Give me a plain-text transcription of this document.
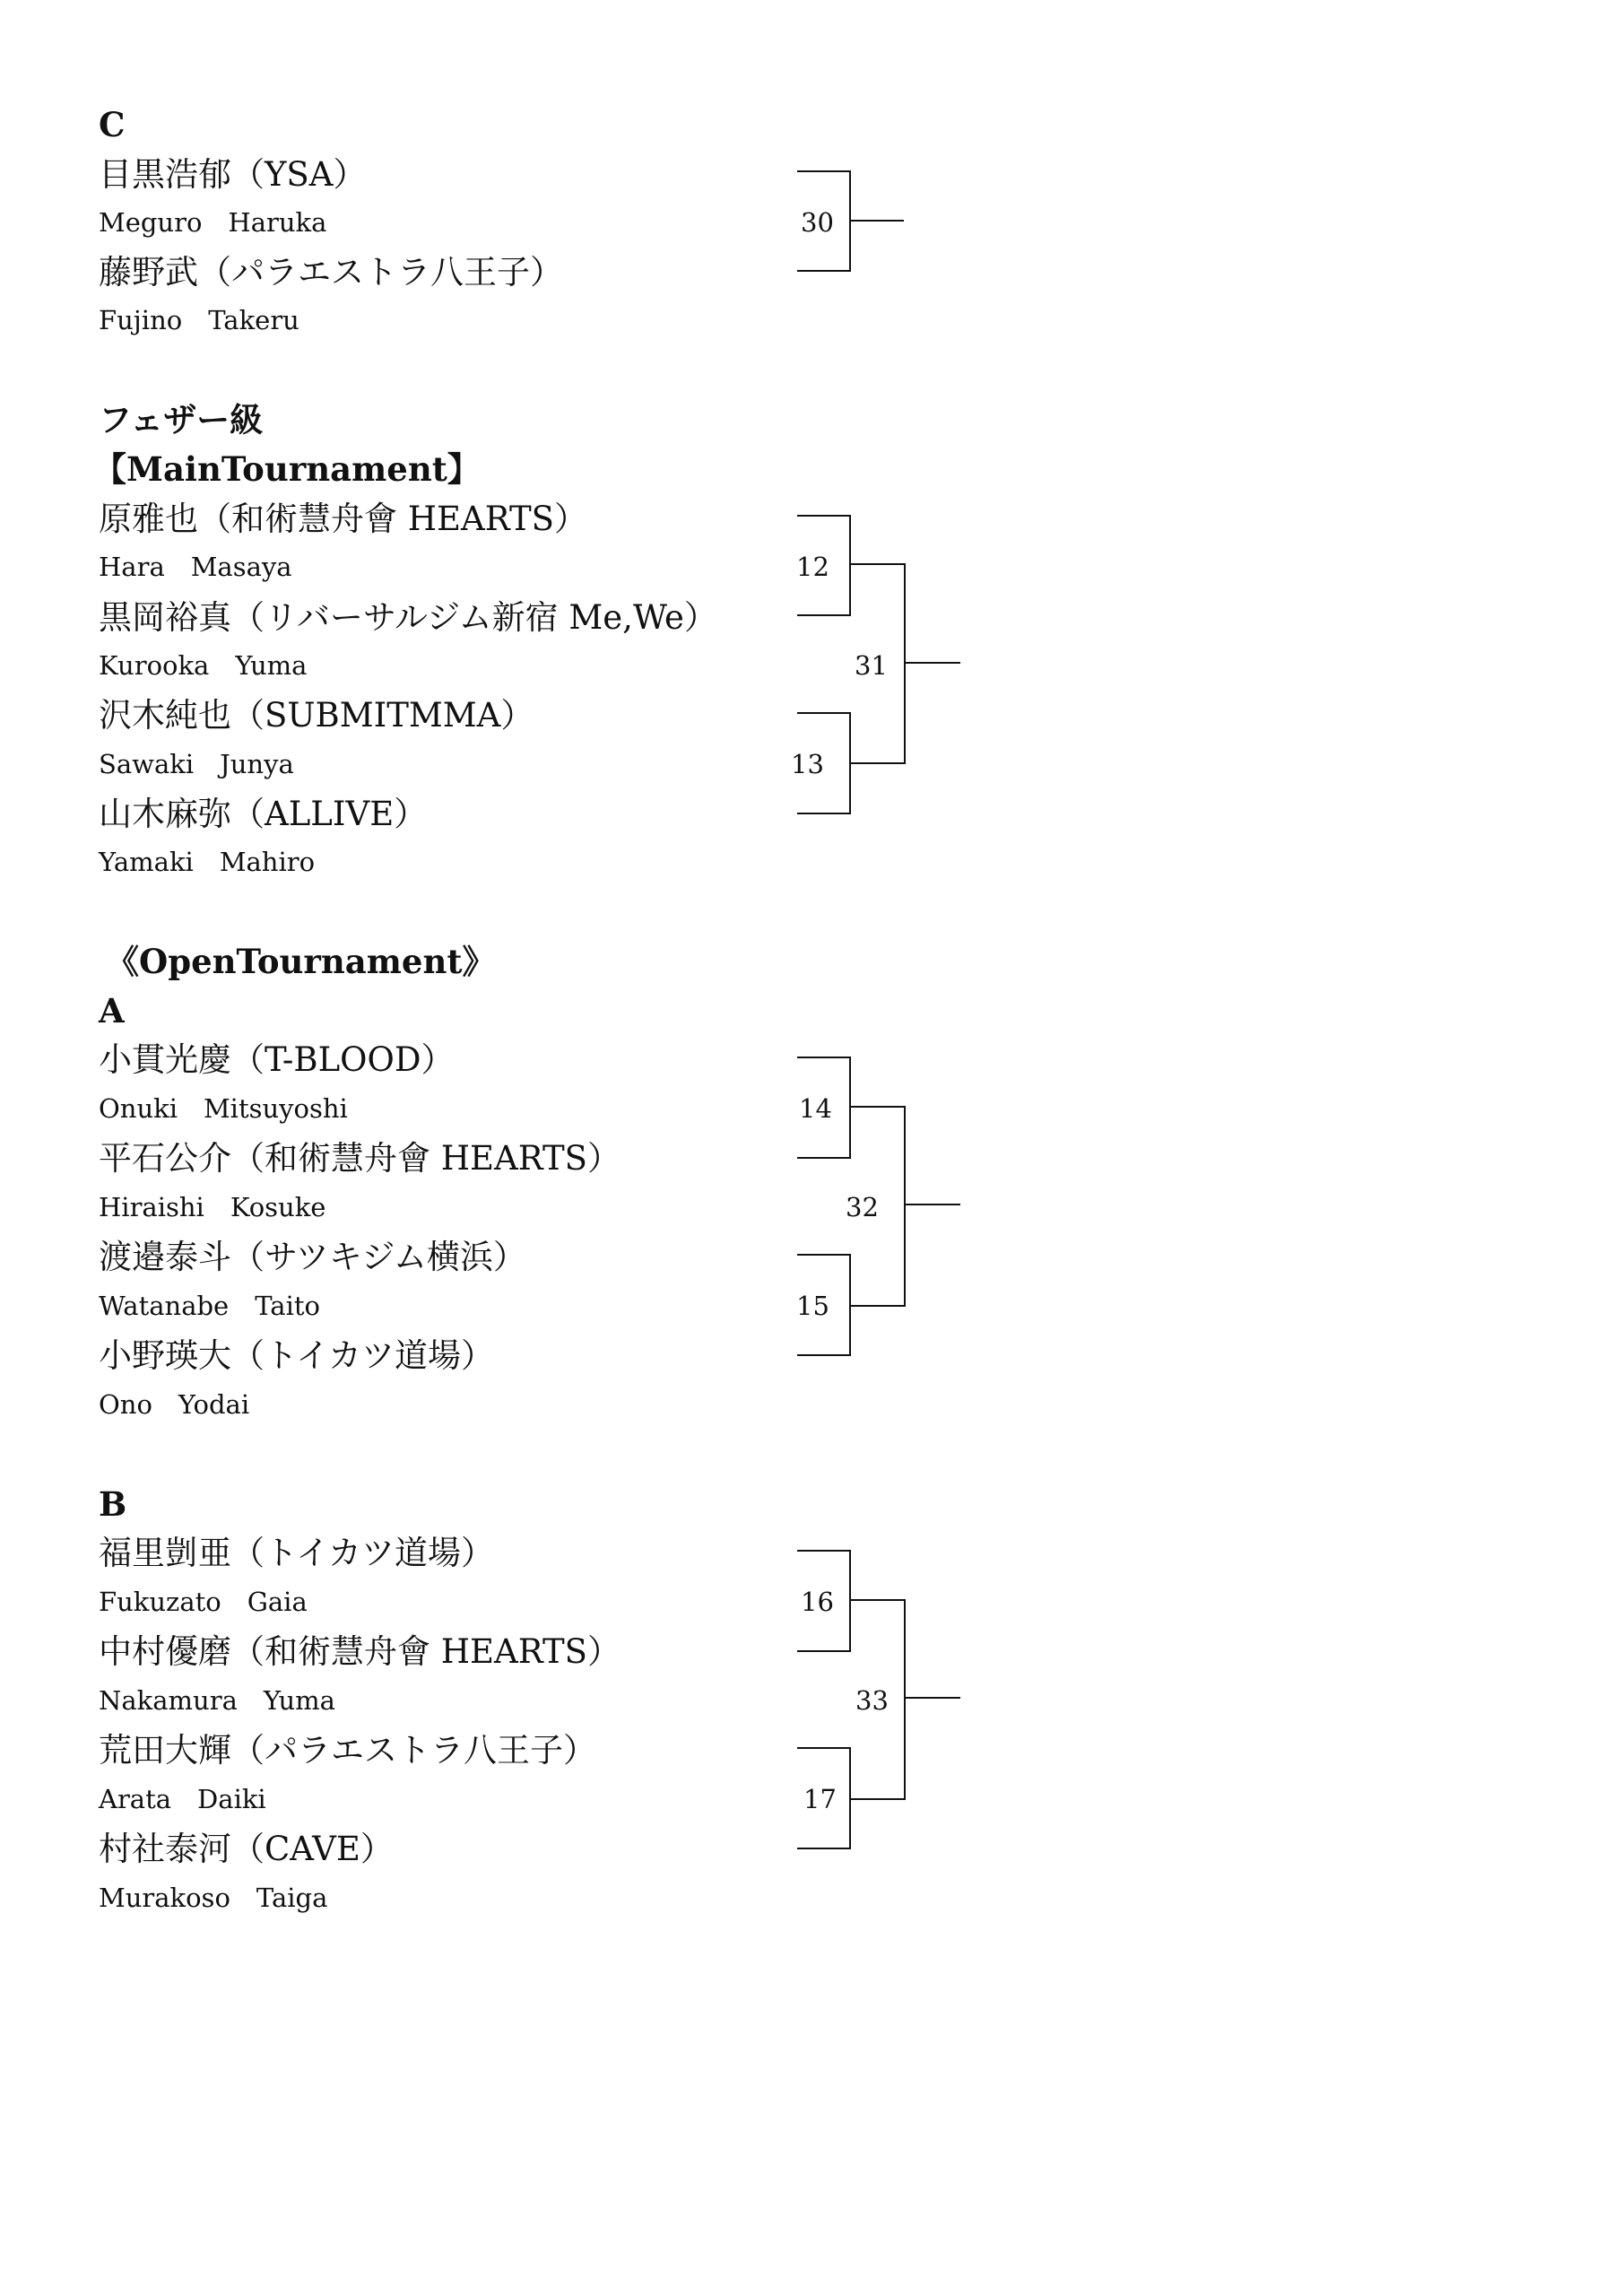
C
目黒浩郁（YSA）
Meguro　Haruka
藤野武（パラエストラ八王子）
Fujino　Takeru
30
フェザー級
【MainTournament】
原雅也（和術慧舟會 HEARTS）
Hara　Masaya
黒岡裕真（リバーサルジム新宿 Me,We）
Kurooka　Yuma
沢木純也（SUBMITMMA）
Sawaki　Junya
山木麻弥（ALLIVE）
Yamaki　Mahiro
12
13
31
《OpenTournament》
A
小貫光慶（T-BLOOD）
Onuki　Mitsuyoshi
平石公介（和術慧舟會 HEARTS）
Hiraishi　Kosuke
渡邉泰斗（サツキジム横浜）
Watanabe　Taito
小野瑛大（トイカツ道場）
Ono　Yodai
14
15
32
B
福里剴亜（トイカツ道場）
Fukuzato　Gaia
中村優磨（和術慧舟會 HEARTS）
Nakamura　Yuma
荒田大輝（パラエストラ八王子）
Arata　Daiki
村社泰河（CAVE）
Murakoso　Taiga
16
17
33
